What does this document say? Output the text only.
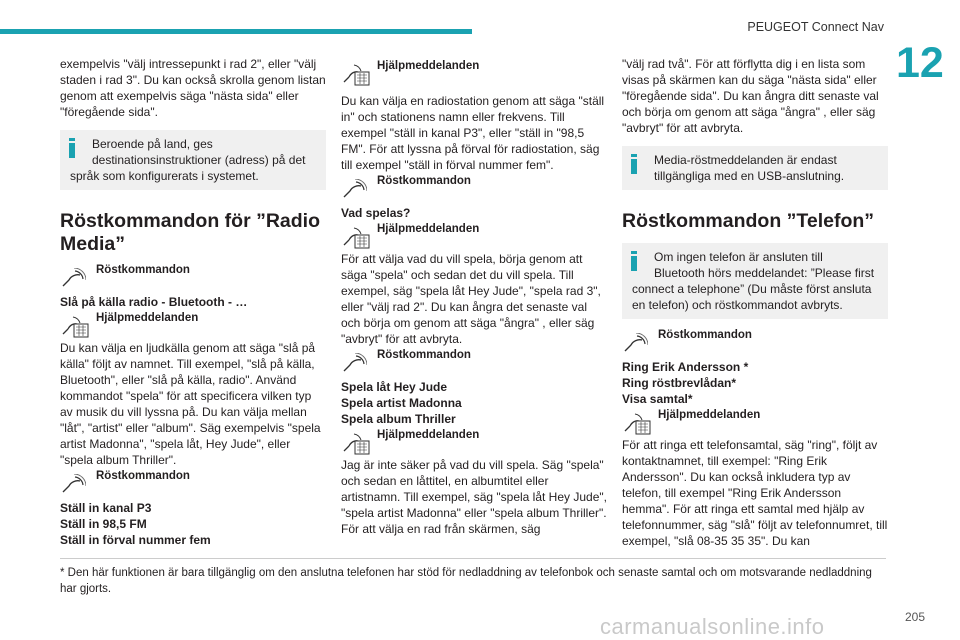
PEUGEOT Connect Nav
12

exempelvis "välj intressepunkt i rad 2", eller "välj staden i rad 3". Du kan också skrolla genom listan genom att exempelvis säga "nästa sida" eller "föregående sida".

Beroende på land, ges

destinationsinstruktioner (adress) på det

språk som konfigurerats i systemet.

Röstkommandon för ”Radio Media”
Röstkommandon

Slå på källa radio - Bluetooth - …

Hjälpmeddelanden

Du kan välja en ljudkälla genom att säga "slå på källa" följt av namnet. Till exempel, "slå på källa, Bluetooth", eller "slå på källa, radio". Använd kommandot "spela" för att specificera vilken typ av musik du vill lyssna på. Du kan välja mellan "låt", "artist" eller "album". Säg exempelvis "spela artist Madonna", "spela låt, Hey Jude", eller "spela album Thriller".

Röstkommandon

Ställ in kanal P3

Ställ in 98,5 FM

Ställ in förval nummer fem

Hjälpmeddelanden

Du kan välja en radiostation genom att säga "ställ in" och stationens namn eller frekvens. Till exempel "ställ in kanal P3", eller "ställ in "98,5 FM". För att lyssna på förval för radiostation, säg till exempel "ställ in förval nummer fem".

Röstkommandon

Vad spelas?

Hjälpmeddelanden

För att välja vad du vill spela, börja genom att säga "spela" och sedan det du vill spela. Till exempel, säg "spela låt Hey Jude", "spela rad 3", eller "välj rad 2". Du kan ångra det senaste val och börja om genom att säga "ångra" , eller säg "avbryt" för att avbryta.

Röstkommandon

Spela låt Hey Jude

Spela artist Madonna

Spela album Thriller

Hjälpmeddelanden

Jag är inte säker på vad du vill spela. Säg "spela" och sedan en låttitel, en albumtitel eller artistnamn. Till exempel, säg "spela låt Hey Jude", "spela artist Madonna" eller "spela album Thriller". För att välja en rad från skärmen, säg

"välj rad två". För att förflytta dig i en lista som visas på skärmen kan du säga "nästa sida" eller "föregående sida". Du kan ångra ditt senaste val och börja om genom att säga "ångra" , eller säg "avbryt" för att avbryta.

Media-röstmeddelanden är endast

tillgängliga med en USB-anslutning.

Röstkommandon ”Telefon”

Om ingen telefon är ansluten till

Bluetooth hörs meddelandet: ”Please first

connect a telephone” (Du måste först ansluta en telefon) och röstkommandot avbryts.

Röstkommandon

Ring Erik Andersson *

Ring röstbrevlådan*

Visa samtal*

Hjälpmeddelanden

För att ringa ett telefonsamtal, säg "ring", följt av kontaktnamnet, till exempel: "Ring Erik Andersson". Du kan också inkludera typ av telefon, till exempel "Ring Erik Andersson hemma". För att ringa ett samtal med hjälp av telefonnummer, säg "slå" följt av telefonnumret, till exempel, "slå 08-35 35 35". Du kan

* Den här funktionen är bara tillgänglig om den anslutna telefonen har stöd för nedladdning av telefonbok och senaste samtal och om motsvarande nedladdning har gjorts.
carmanualsonline.info	205
